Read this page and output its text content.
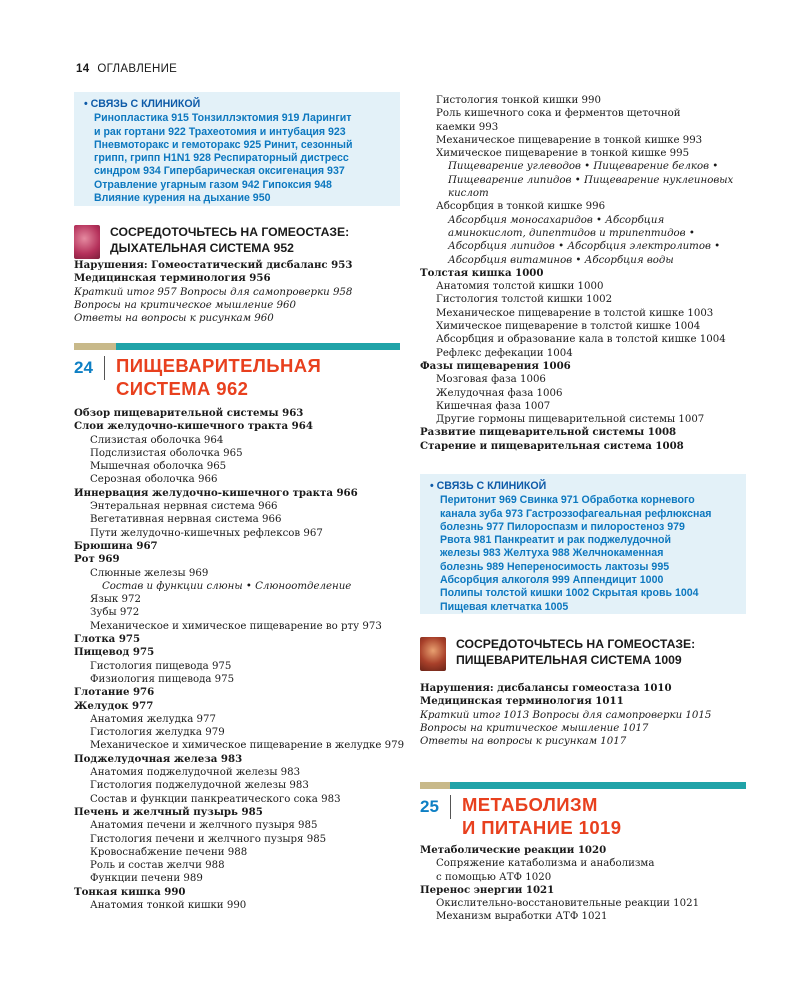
14 ОГЛАВЛЕНИЕ
• СВЯЗЬ С КЛИНИКОЙ
Ринопластика 915 Тонзиллэктомия 919 Ларингит
и рак гортани 922 Трахеотомия и интубация 923
Пневмоторакс и гемоторакс 925 Ринит, сезонный
грипп, грипп H1N1 928 Респираторный дистресс
синдром 934 Гипербарическая оксигенация 937
Отравление угарным газом 942 Гипоксия 948
Влияние курения на дыхание 950
СОСРЕДОТОЧЬТЕСЬ НА ГОМЕОСТАЗЕ:
ДЫХАТЕЛЬНАЯ СИСТЕМА 952
Нарушения: Гомеостатический дисбаланс 953
Медицинская терминология 956
Краткий итог 957 Вопросы для самопроверки 958
Вопросы на критическое мышление 960
Ответы на вопросы к рисункам 960
24 ПИЩЕВАРИТЕЛЬНАЯ
СИСТЕМА 962
Обзор пищеварительной системы 963
Слои желудочно-кишечного тракта 964
Слизистая оболочка 964
Подслизистая оболочка 965
Мышечная оболочка 965
Серозная оболочка 966
Иннервация желудочно-кишечного тракта 966
Энтеральная нервная система 966
Вегетативная нервная система 966
Пути желудочно-кишечных рефлексов 967
Брюшина 967
Рот 969
Слюнные железы 969
Состав и функции слюны • Слюноотделение
Язык 972
Зубы 972
Механическое и химическое пищеварение во рту 973
Глотка 975
Пищевод 975
Гистология пищевода 975
Физиология пищевода 975
Глотание 976
Желудок 977
Анатомия желудка 977
Гистология желудка 979
Механическое и химическое пищеварение в желудке 979
Поджелудочная железа 983
Анатомия поджелудочной железы 983
Гистология поджелудочной железы 983
Состав и функции панкреатического сока 983
Печень и желчный пузырь 985
Анатомия печени и желчного пузыря 985
Гистология печени и желчного пузыря 985
Кровоснабжение печени 988
Роль и состав желчи 988
Функции печени 989
Тонкая кишка 990
Анатомия тонкой кишки 990
Гистология тонкой кишки 990
Роль кишечного сока и ферментов щеточной
каемки 993
Механическое пищеварение в тонкой кишке 993
Химическое пищеварение в тонкой кишке 995
Пищеварение углеводов • Пищеварение белков •
Пищеварение липидов • Пищеварение нуклеиновых
кислот
Абсорбция в тонкой кишке 996
Абсорбция моносахаридов • Абсорбция
аминокислот, дипептидов и трипептидов •
Абсорбция липидов • Абсорбция электролитов •
Абсорбция витаминов • Абсорбция воды
Толстая кишка 1000
Анатомия толстой кишки 1000
Гистология толстой кишки 1002
Механическое пищеварение в толстой кишке 1003
Химическое пищеварение в толстой кишке 1004
Абсорбция и образование кала в толстой кишке 1004
Рефлекс дефекации 1004
Фазы пищеварения 1006
Мозговая фаза 1006
Желудочная фаза 1006
Кишечная фаза 1007
Другие гормоны пищеварительной системы 1007
Развитие пищеварительной системы 1008
Старение и пищеварительная система 1008
• СВЯЗЬ С КЛИНИКОЙ
Перитонит 969 Свинка 971 Обработка корневого
канала зуба 973 Гастроэзофагеальная рефлюксная
болезнь 977 Пилороспазм и пилоростеноз 979
Рвота 981 Панкреатит и рак поджелудочной
железы 983 Желтуха 988 Желчнокаменная
болезнь 989 Непереносимость лактозы 995
Абсорбция алкоголя 999 Аппендицит 1000
Полипы толстой кишки 1002 Скрытая кровь 1004
Пищевая клетчатка 1005
СОСРЕДОТОЧЬТЕСЬ НА ГОМЕОСТАЗЕ:
ПИЩЕВАРИТЕЛЬНАЯ СИСТЕМА 1009
Нарушения: дисбалансы гомеостаза 1010
Медицинская терминология 1011
Краткий итог 1013 Вопросы для самопроверки 1015
Вопросы на критическое мышление 1017
Ответы на вопросы к рисункам 1017
25 МЕТАБОЛИЗМ
И ПИТАНИЕ 1019
Метаболические реакции 1020
Сопряжение катаболизма и анаболизма
с помощью АТФ 1020
Перенос энергии 1021
Окислительно-восстановительные реакции 1021
Механизм выработки АТФ 1021
